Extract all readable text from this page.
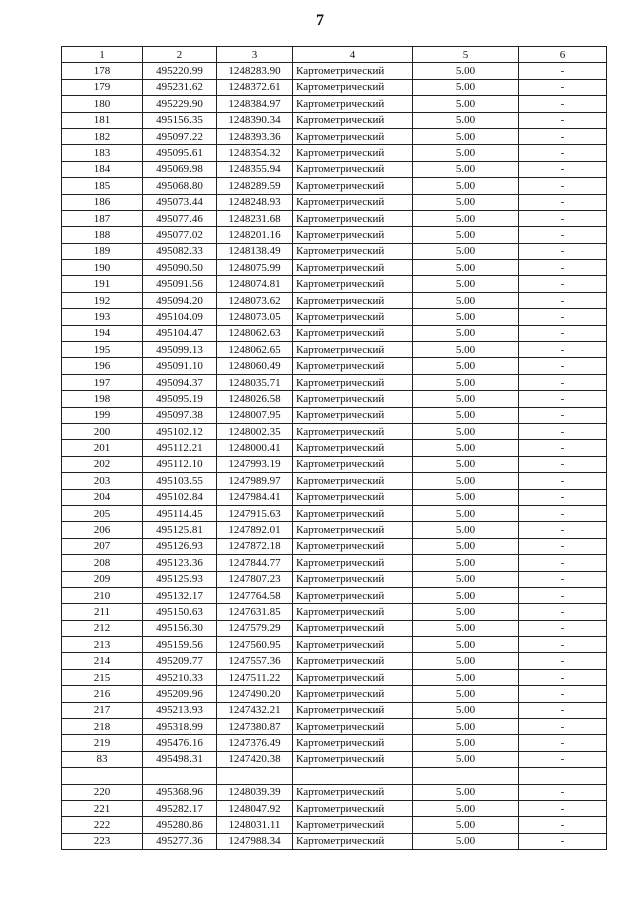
7
1	2	3	4	5	6
178	495220.99	1248283.90	Картометрический	5.00	-
179	495231.62	1248372.61	Картометрический	5.00	-
180	495229.90	1248384.97	Картометрический	5.00	-
181	495156.35	1248390.34	Картометрический	5.00	-
182	495097.22	1248393.36	Картометрический	5.00	-
183	495095.61	1248354.32	Картометрический	5.00	-
184	495069.98	1248355.94	Картометрический	5.00	-
185	495068.80	1248289.59	Картометрический	5.00	-
186	495073.44	1248248.93	Картометрический	5.00	-
187	495077.46	1248231.68	Картометрический	5.00	-
188	495077.02	1248201.16	Картометрический	5.00	-
189	495082.33	1248138.49	Картометрический	5.00	-
190	495090.50	1248075.99	Картометрический	5.00	-
191	495091.56	1248074.81	Картометрический	5.00	-
192	495094.20	1248073.62	Картометрический	5.00	-
193	495104.09	1248073.05	Картометрический	5.00	-
194	495104.47	1248062.63	Картометрический	5.00	-
195	495099.13	1248062.65	Картометрический	5.00	-
196	495091.10	1248060.49	Картометрический	5.00	-
197	495094.37	1248035.71	Картометрический	5.00	-
198	495095.19	1248026.58	Картометрический	5.00	-
199	495097.38	1248007.95	Картометрический	5.00	-
200	495102.12	1248002.35	Картометрический	5.00	-
201	495112.21	1248000.41	Картометрический	5.00	-
202	495112.10	1247993.19	Картометрический	5.00	-
203	495103.55	1247989.97	Картометрический	5.00	-
204	495102.84	1247984.41	Картометрический	5.00	-
205	495114.45	1247915.63	Картометрический	5.00	-
206	495125.81	1247892.01	Картометрический	5.00	-
207	495126.93	1247872.18	Картометрический	5.00	-
208	495123.36	1247844.77	Картометрический	5.00	-
209	495125.93	1247807.23	Картометрический	5.00	-
210	495132.17	1247764.58	Картометрический	5.00	-
211	495150.63	1247631.85	Картометрический	5.00	-
212	495156.30	1247579.29	Картометрический	5.00	-
213	495159.56	1247560.95	Картометрический	5.00	-
214	495209.77	1247557.36	Картометрический	5.00	-
215	495210.33	1247511.22	Картометрический	5.00	-
216	495209.96	1247490.20	Картометрический	5.00	-
217	495213.93	1247432.21	Картометрический	5.00	-
218	495318.99	1247380.87	Картометрический	5.00	-
219	495476.16	1247376.49	Картометрический	5.00	-
83	495498.31	1247420.38	Картометрический	5.00	-

220	495368.96	1248039.39	Картометрический	5.00	-
221	495282.17	1248047.92	Картометрический	5.00	-
222	495280.86	1248031.11	Картометрический	5.00	-
223	495277.36	1247988.34	Картометрический	5.00	-
